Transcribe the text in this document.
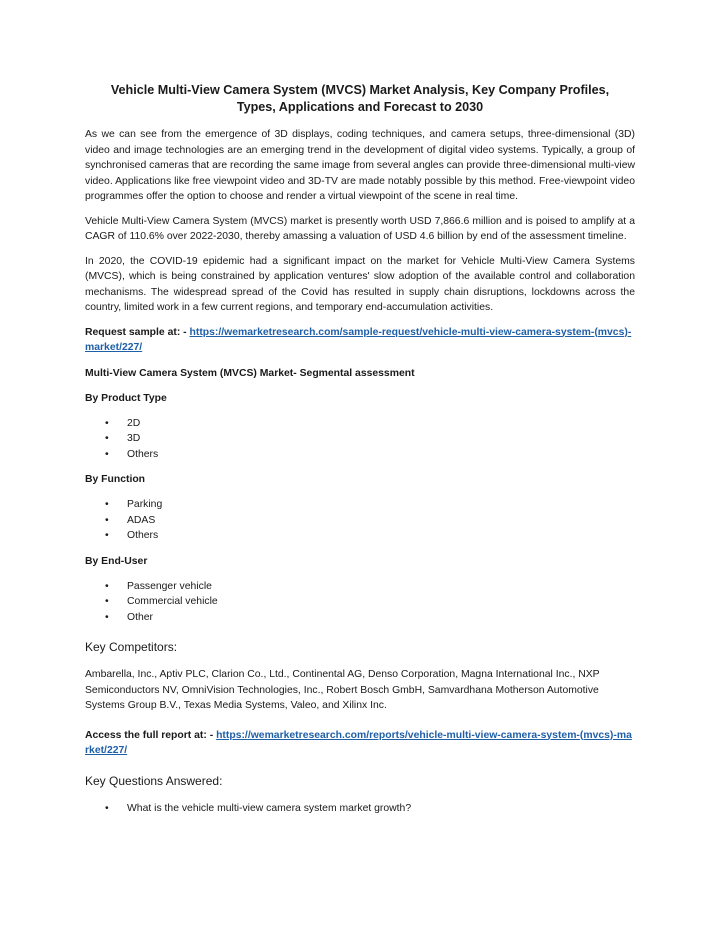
Vehicle Multi-View Camera System (MVCS) Market Analysis, Key Company Profiles, Types, Applications and Forecast to 2030

As we can see from the emergence of 3D displays, coding techniques, and camera setups, three-dimensional (3D) video and image technologies are an emerging trend in the development of digital video systems. Typically, a group of synchronised cameras that are recording the same image from several angles can provide three-dimensional multi-view video. Applications like free viewpoint video and 3D-TV are made notably possible by this method. Free-viewpoint video programmes offer the option to choose and render a virtual viewpoint of the scene in real time.

Vehicle Multi-View Camera System (MVCS) market is presently worth USD 7,866.6 million and is poised to amplify at a CAGR of 110.6% over 2022-2030, thereby amassing a valuation of USD 4.6 billion by end of the assessment timeline.

In 2020, the COVID-19 epidemic had a significant impact on the market for Vehicle Multi-View Camera Systems (MVCS), which is being constrained by application ventures' slow adoption of the available control and collaboration mechanisms. The widespread spread of the Covid has resulted in supply chain disruptions, lockdowns across the country, limited work in a few current regions, and temporary end-accumulation activities.

Request sample at: - https://wemarketresearch.com/sample-request/vehicle-multi-view-camera-system-(mvcs)-market/227/

Multi-View Camera System (MVCS) Market- Segmental assessment
By Product Type
• 2D
• 3D
• Others
By Function
• Parking
• ADAS
• Others
By End-User
• Passenger vehicle
• Commercial vehicle
• Other
Key Competitors:

Ambarella, Inc., Aptiv PLC, Clarion Co., Ltd., Continental AG, Denso Corporation, Magna International Inc., NXP Semiconductors NV, OmniVision Technologies, Inc., Robert Bosch GmbH, Samvardhana Motherson Automotive Systems Group B.V., Texas Media Systems, Valeo, and Xilinx Inc.

Access the full report at: - https://wemarketresearch.com/reports/vehicle-multi-view-camera-system-(mvcs)-market/227/

Key Questions Answered:
• What is the vehicle multi-view camera system market growth?
